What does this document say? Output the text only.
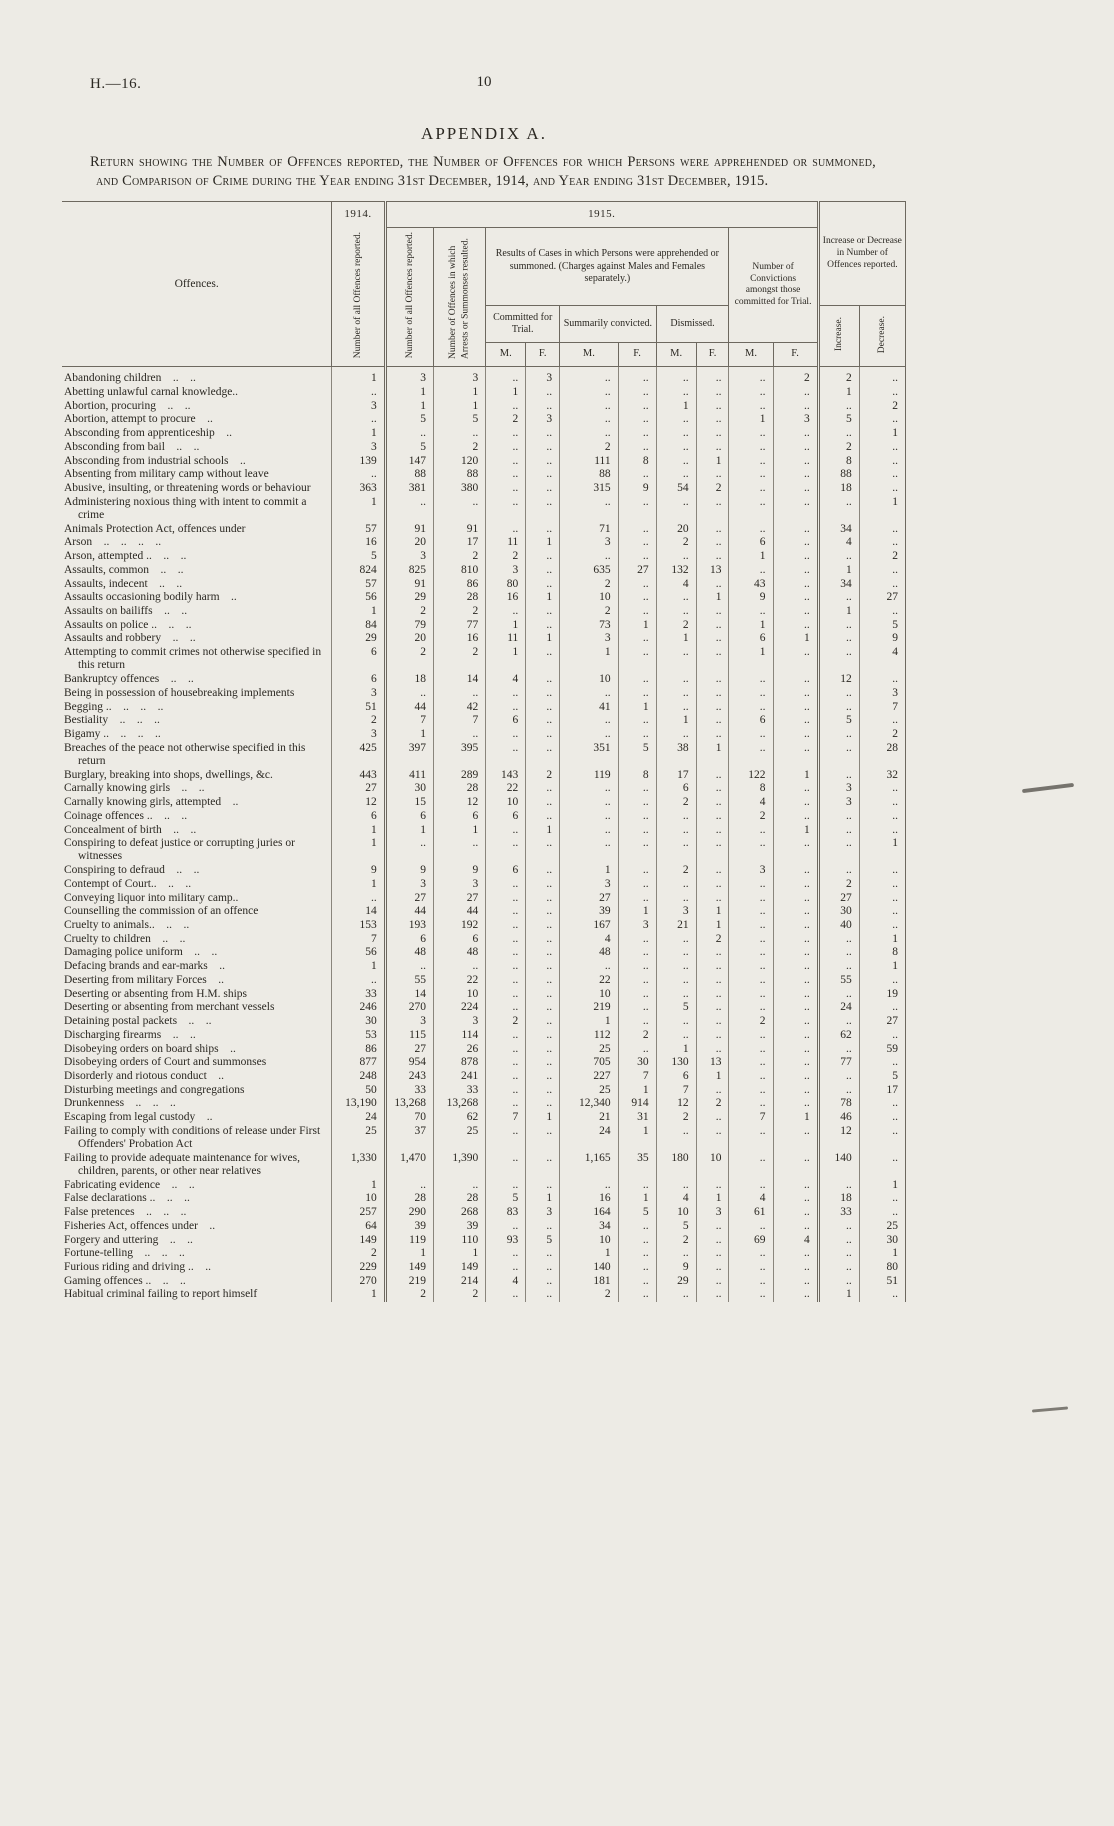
H.—16.	10
APPENDIX A.

Return showing the Number of Offences reported, the Number of Offences for which Persons were apprehended or summoned, and Comparison of Crime during the Year ending 31st December, 1914, and Year ending 31st December, 1915.

Offences.	1914.	1915.										Increase or Decrease in Number of Offences reported.	
	Number of all Offences reported.	Number of all Offences reported.	Number of Offences in which Arrests or Summonses resulted.	Results of Cases in which Persons were apprehended or summoned. (Charges against Males and Females separately.)						Number of Convictions amongst those committed for Trial.			
				Committed for Trial.		Summarily convicted.		Dismissed.				Increase.	Decrease.
				M.	F.	M.	F.	M.	F.	M.	F.		
Abandoning children .. ..	1	3	3	..	3	..	..	..	..	..	2	2	..
Abetting unlawful carnal knowledge..	..	1	1	1	..	..	..	..	..	..	..	1	..
Abortion, procuring .. ..	3	1	1	..	..	..	..	1	..	..	..	..	2
Abortion, attempt to procure ..	..	5	5	2	3	..	..	..	..	1	3	5	..
Absconding from apprenticeship ..	1	..	..	..	..	..	..	..	..	..	..	..	1
Absconding from bail .. ..	3	5	2	..	..	2	..	..	..	..	..	2	..
Absconding from industrial schools ..	139	147	120	..	..	111	8	..	1	..	..	8	..
Absenting from military camp without leave	..	88	88	..	..	88	..	..	..	..	..	88	..
Abusive, insulting, or threatening words or behaviour	363	381	380	..	..	315	9	54	2	..	..	18	..
Administering noxious thing with intent to commit a crime	1	..	..	..	..	..	..	..	..	..	..	..	1
Animals Protection Act, offences under	57	91	91	..	..	71	..	20	..	..	..	34	..
Arson .. .. .. ..	16	20	17	11	1	3	..	2	..	6	..	4	..
Arson, attempted .. .. ..	5	3	2	2	..	..	..	..	..	1	..	..	2
Assaults, common .. ..	824	825	810	3	..	635	27	132	13	..	..	1	..
Assaults, indecent .. ..	57	91	86	80	..	2	..	4	..	43	..	34	..
Assaults occasioning bodily harm ..	56	29	28	16	1	10	..	..	1	9	..	..	27
Assaults on bailiffs .. ..	1	2	2	..	..	2	..	..	..	..	..	1	..
Assaults on police .. .. ..	84	79	77	1	..	73	1	2	..	1	..	..	5
Assaults and robbery .. ..	29	20	16	11	1	3	..	1	..	6	1	..	9
Attempting to commit crimes not otherwise specified in this return	6	2	2	1	..	1	..	..	..	1	..	..	4
Bankruptcy offences .. ..	6	18	14	4	..	10	..	..	..	..	..	12	..
Being in possession of housebreaking implements	3	..	..	..	..	..	..	..	..	..	..	..	3
Begging .. .. .. ..	51	44	42	..	..	41	1	..	..	..	..	..	7
Bestiality .. .. ..	2	7	7	6	..	..	..	1	..	6	..	5	..
Bigamy .. .. .. ..	3	1	..	..	..	..	..	..	..	..	..	..	2
Breaches of the peace not otherwise specified in this return	425	397	395	..	..	351	5	38	1	..	..	..	28
Burglary, breaking into shops, dwellings, &c.	443	411	289	143	2	119	8	17	..	122	1	..	32
Carnally knowing girls .. ..	27	30	28	22	..	..	..	6	..	8	..	3	..
Carnally knowing girls, attempted ..	12	15	12	10	..	..	..	2	..	4	..	3	..
Coinage offences .. .. ..	6	6	6	6	..	..	..	..	..	2	..	..	..
Concealment of birth .. ..	1	1	1	..	1	..	..	..	..	..	1	..	..
Conspiring to defeat justice or corrupting juries or witnesses	1	..	..	..	..	..	..	..	..	..	..	..	1
Conspiring to defraud .. ..	9	9	9	6	..	1	..	2	..	3	..	..	..
Contempt of Court.. .. ..	1	3	3	..	..	3	..	..	..	..	..	2	..
Conveying liquor into military camp..	..	27	27	..	..	27	..	..	..	..	..	27	..
Counselling the commission of an offence	14	44	44	..	..	39	1	3	1	..	..	30	..
Cruelty to animals.. .. ..	153	193	192	..	..	167	3	21	1	..	..	40	..
Cruelty to children .. ..	7	6	6	..	..	4	..	..	2	..	..	..	1
Damaging police uniform .. ..	56	48	48	..	..	48	..	..	..	..	..	..	8
Defacing brands and ear-marks ..	1	..	..	..	..	..	..	..	..	..	..	..	1
Deserting from military Forces ..	..	55	22	..	..	22	..	..	..	..	..	55	..
Deserting or absenting from H.M. ships	33	14	10	..	..	10	..	..	..	..	..	..	19
Deserting or absenting from merchant vessels	246	270	224	..	..	219	..	5	..	..	..	24	..
Detaining postal packets .. ..	30	3	3	2	..	1	..	..	..	2	..	..	27
Discharging firearms .. ..	53	115	114	..	..	112	2	..	..	..	..	62	..
Disobeying orders on board ships ..	86	27	26	..	..	25	..	1	..	..	..	..	59
Disobeying orders of Court and summonses	877	954	878	..	..	705	30	130	13	..	..	77	..
Disorderly and riotous conduct ..	248	243	241	..	..	227	7	6	1	..	..	..	5
Disturbing meetings and congregations	50	33	33	..	..	25	1	7	..	..	..	..	17
Drunkenness .. .. ..	13,190	13,268	13,268	..	..	12,340	914	12	2	..	..	78	..
Escaping from legal custody ..	24	70	62	7	1	21	31	2	..	7	1	46	..
Failing to comply with conditions of release under First Offenders' Probation Act	25	37	25	..	..	24	1	..	..	..	..	12	..
Failing to provide adequate maintenance for wives, children, parents, or other near relatives	1,330	1,470	1,390	..	..	1,165	35	180	10	..	..	140	..
Fabricating evidence .. ..	1	..	..	..	..	..	..	..	..	..	..	..	1
False declarations .. .. ..	10	28	28	5	1	16	1	4	1	4	..	18	..
False pretences .. .. ..	257	290	268	83	3	164	5	10	3	61	..	33	..
Fisheries Act, offences under ..	64	39	39	..	..	34	..	5	..	..	..	..	25
Forgery and uttering .. ..	149	119	110	93	5	10	..	2	..	69	4	..	30
Fortune-telling .. .. ..	2	1	1	..	..	1	..	..	..	..	..	..	1
Furious riding and driving .. ..	229	149	149	..	..	140	..	9	..	..	..	..	80
Gaming offences .. .. ..	270	219	214	4	..	181	..	29	..	..	..	..	51
Habitual criminal failing to report himself	1	2	2	..	..	2	..	..	..	..	..	1	..
